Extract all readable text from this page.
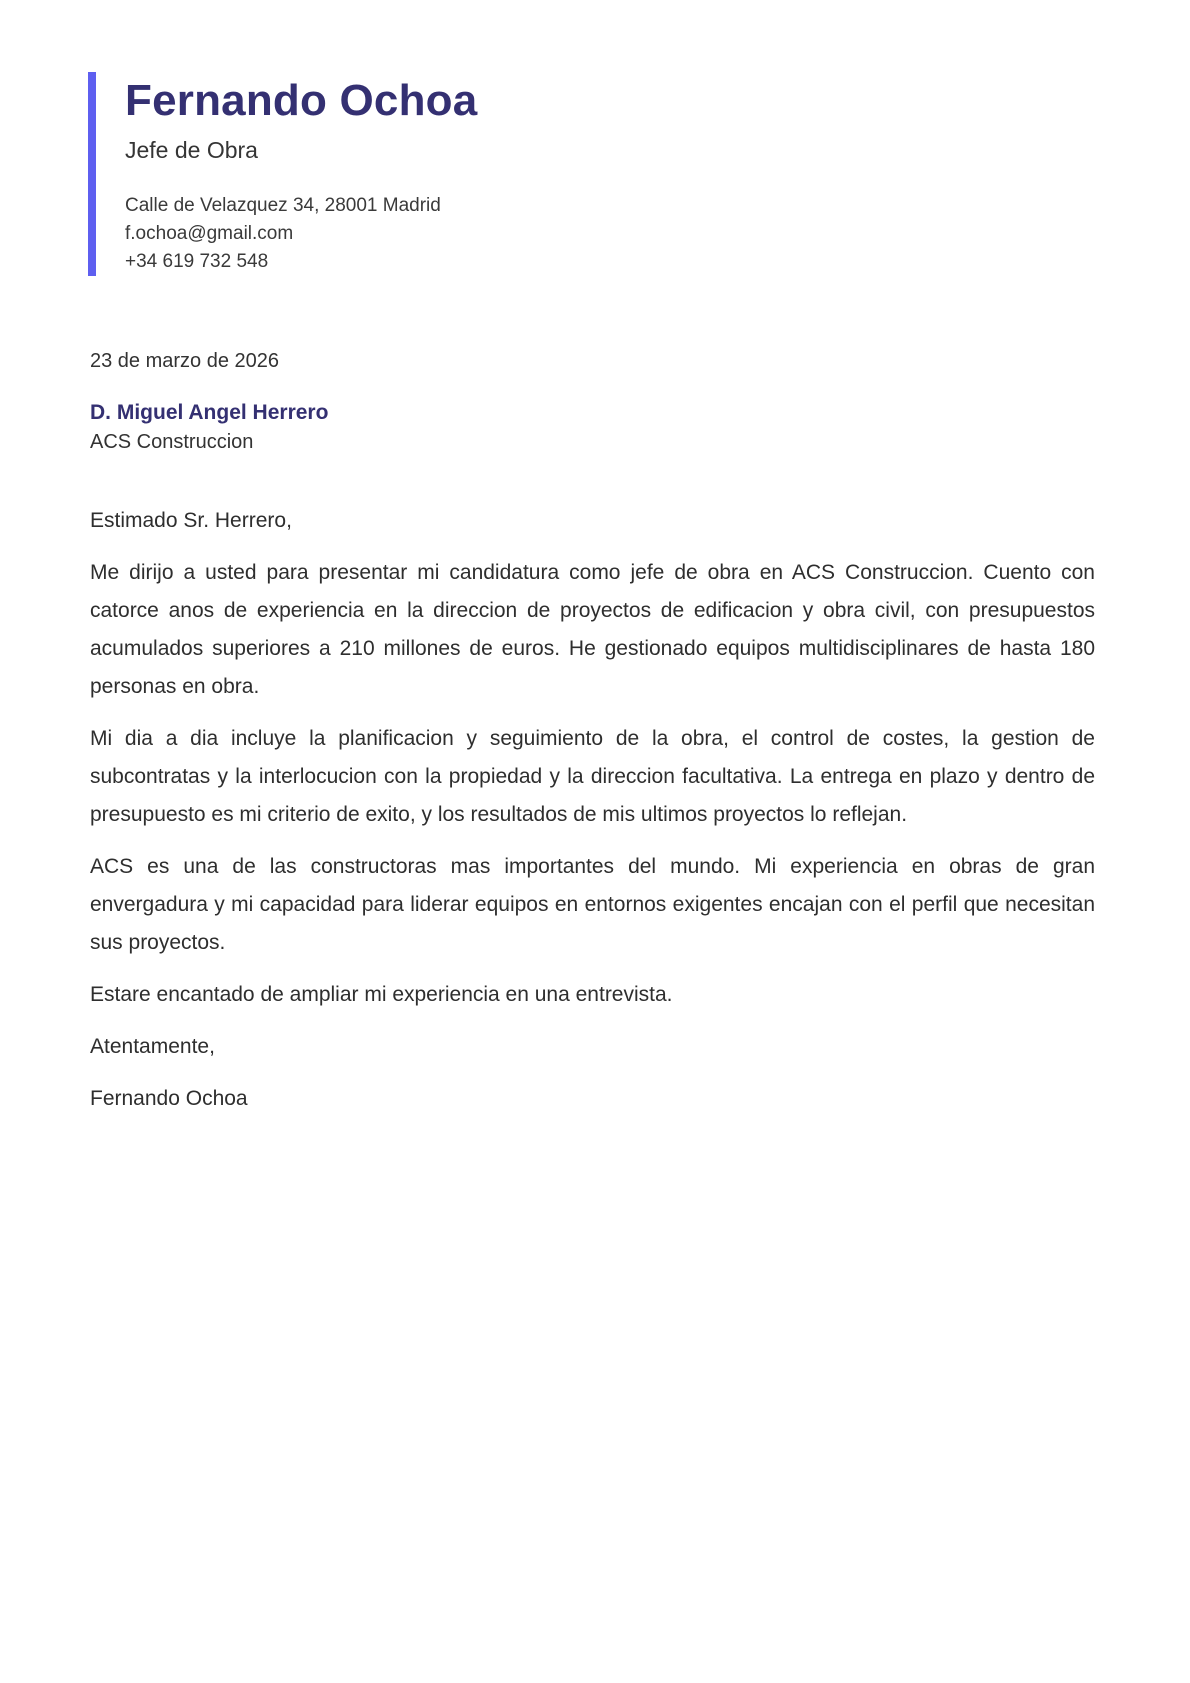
Fernando Ochoa
Jefe de Obra
Calle de Velazquez 34, 28001 Madrid
f.ochoa@gmail.com
+34 619 732 548
23 de marzo de 2026
D. Miguel Angel Herrero
ACS Construccion

Estimado Sr. Herrero,

Me dirijo a usted para presentar mi candidatura como jefe de obra en ACS Construccion. Cuento con catorce anos de experiencia en la direccion de proyectos de edificacion y obra civil, con presupuestos acumulados superiores a 210 millones de euros. He gestionado equipos multidisciplinares de hasta 180 personas en obra.

Mi dia a dia incluye la planificacion y seguimiento de la obra, el control de costes, la gestion de subcontratas y la interlocucion con la propiedad y la direccion facultativa. La entrega en plazo y dentro de presupuesto es mi criterio de exito, y los resultados de mis ultimos proyectos lo reflejan.

ACS es una de las constructoras mas importantes del mundo. Mi experiencia en obras de gran envergadura y mi capacidad para liderar equipos en entornos exigentes encajan con el perfil que necesitan sus proyectos.

Estare encantado de ampliar mi experiencia en una entrevista.

Atentamente,

Fernando Ochoa
